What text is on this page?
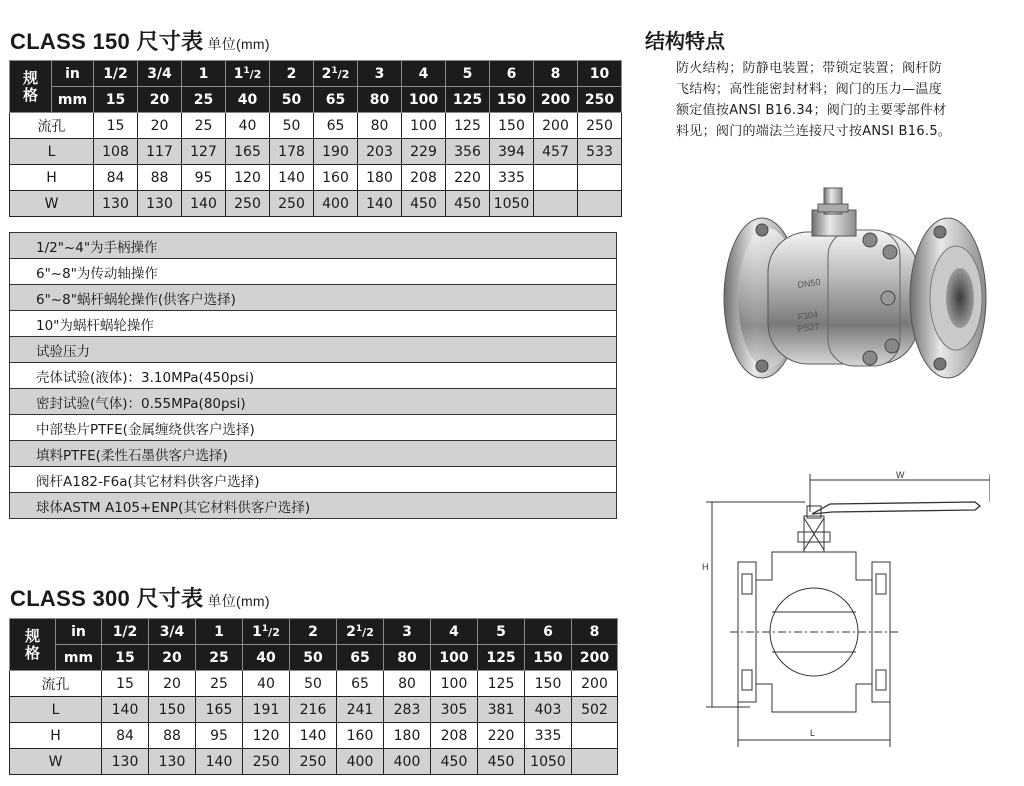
CLASS 150 尺寸表 单位(mm)
规
格	in	1/2	3/4	1	$1^1/2$	2	$2^1/2$	3	4	5	6	8	10
	mm	15	20	25	40	50	65	80	100	125	150	200	250
流孔		15	20	25	40	50	65	80	100	125	150	200	250
L		108	117	127	165	178	190	203	229	356	394	457	533
H		84	88	95	120	140	160	180	208	220	335		
W		130	130	140	250	250	400	140	450	450	1050		
1/2"~4"为手柄操作
6"~8"为传动轴操作
6"~8"蜗杆蜗轮操作(供客户选择)
10"为蜗杆蜗轮操作
试验压力
壳体试验(液体)：3.10MPa(450psi)
密封试验(气体)：0.55MPa(80psi)
中部垫片PTFE(金属缠绕供客户选择)
填料PTFE(柔性石墨供客户选择)
阀杆A182-F6a(其它材料供客户选择)
球体ASTM A105+ENP(其它材料供客户选择)
CLASS 300 尺寸表 单位(mm)
规
格	in	1/2	3/4	1	$1^1/2$	2	$2^1/2$	3	4	5	6	8
	mm	15	20	25	40	50	65	80	100	125	150	200
流孔		15	20	25	40	50	65	80	100	125	150	200
L		140	150	165	191	216	241	283	305	381	403	502
H		84	88	95	120	140	160	180	208	220	335	
W		130	130	140	250	250	400	400	450	450	1050	
结构特点

防火结构；防静电装置；带锁定装置；阀杆防

飞结构；高性能密封材料；阀门的压力—温度

额定值按ANSI B16.34；阀门的主要零部件材

料见；阀门的端法兰连接尺寸按ANSI B16.5。

DN50
F304
PS27
W
H
L
